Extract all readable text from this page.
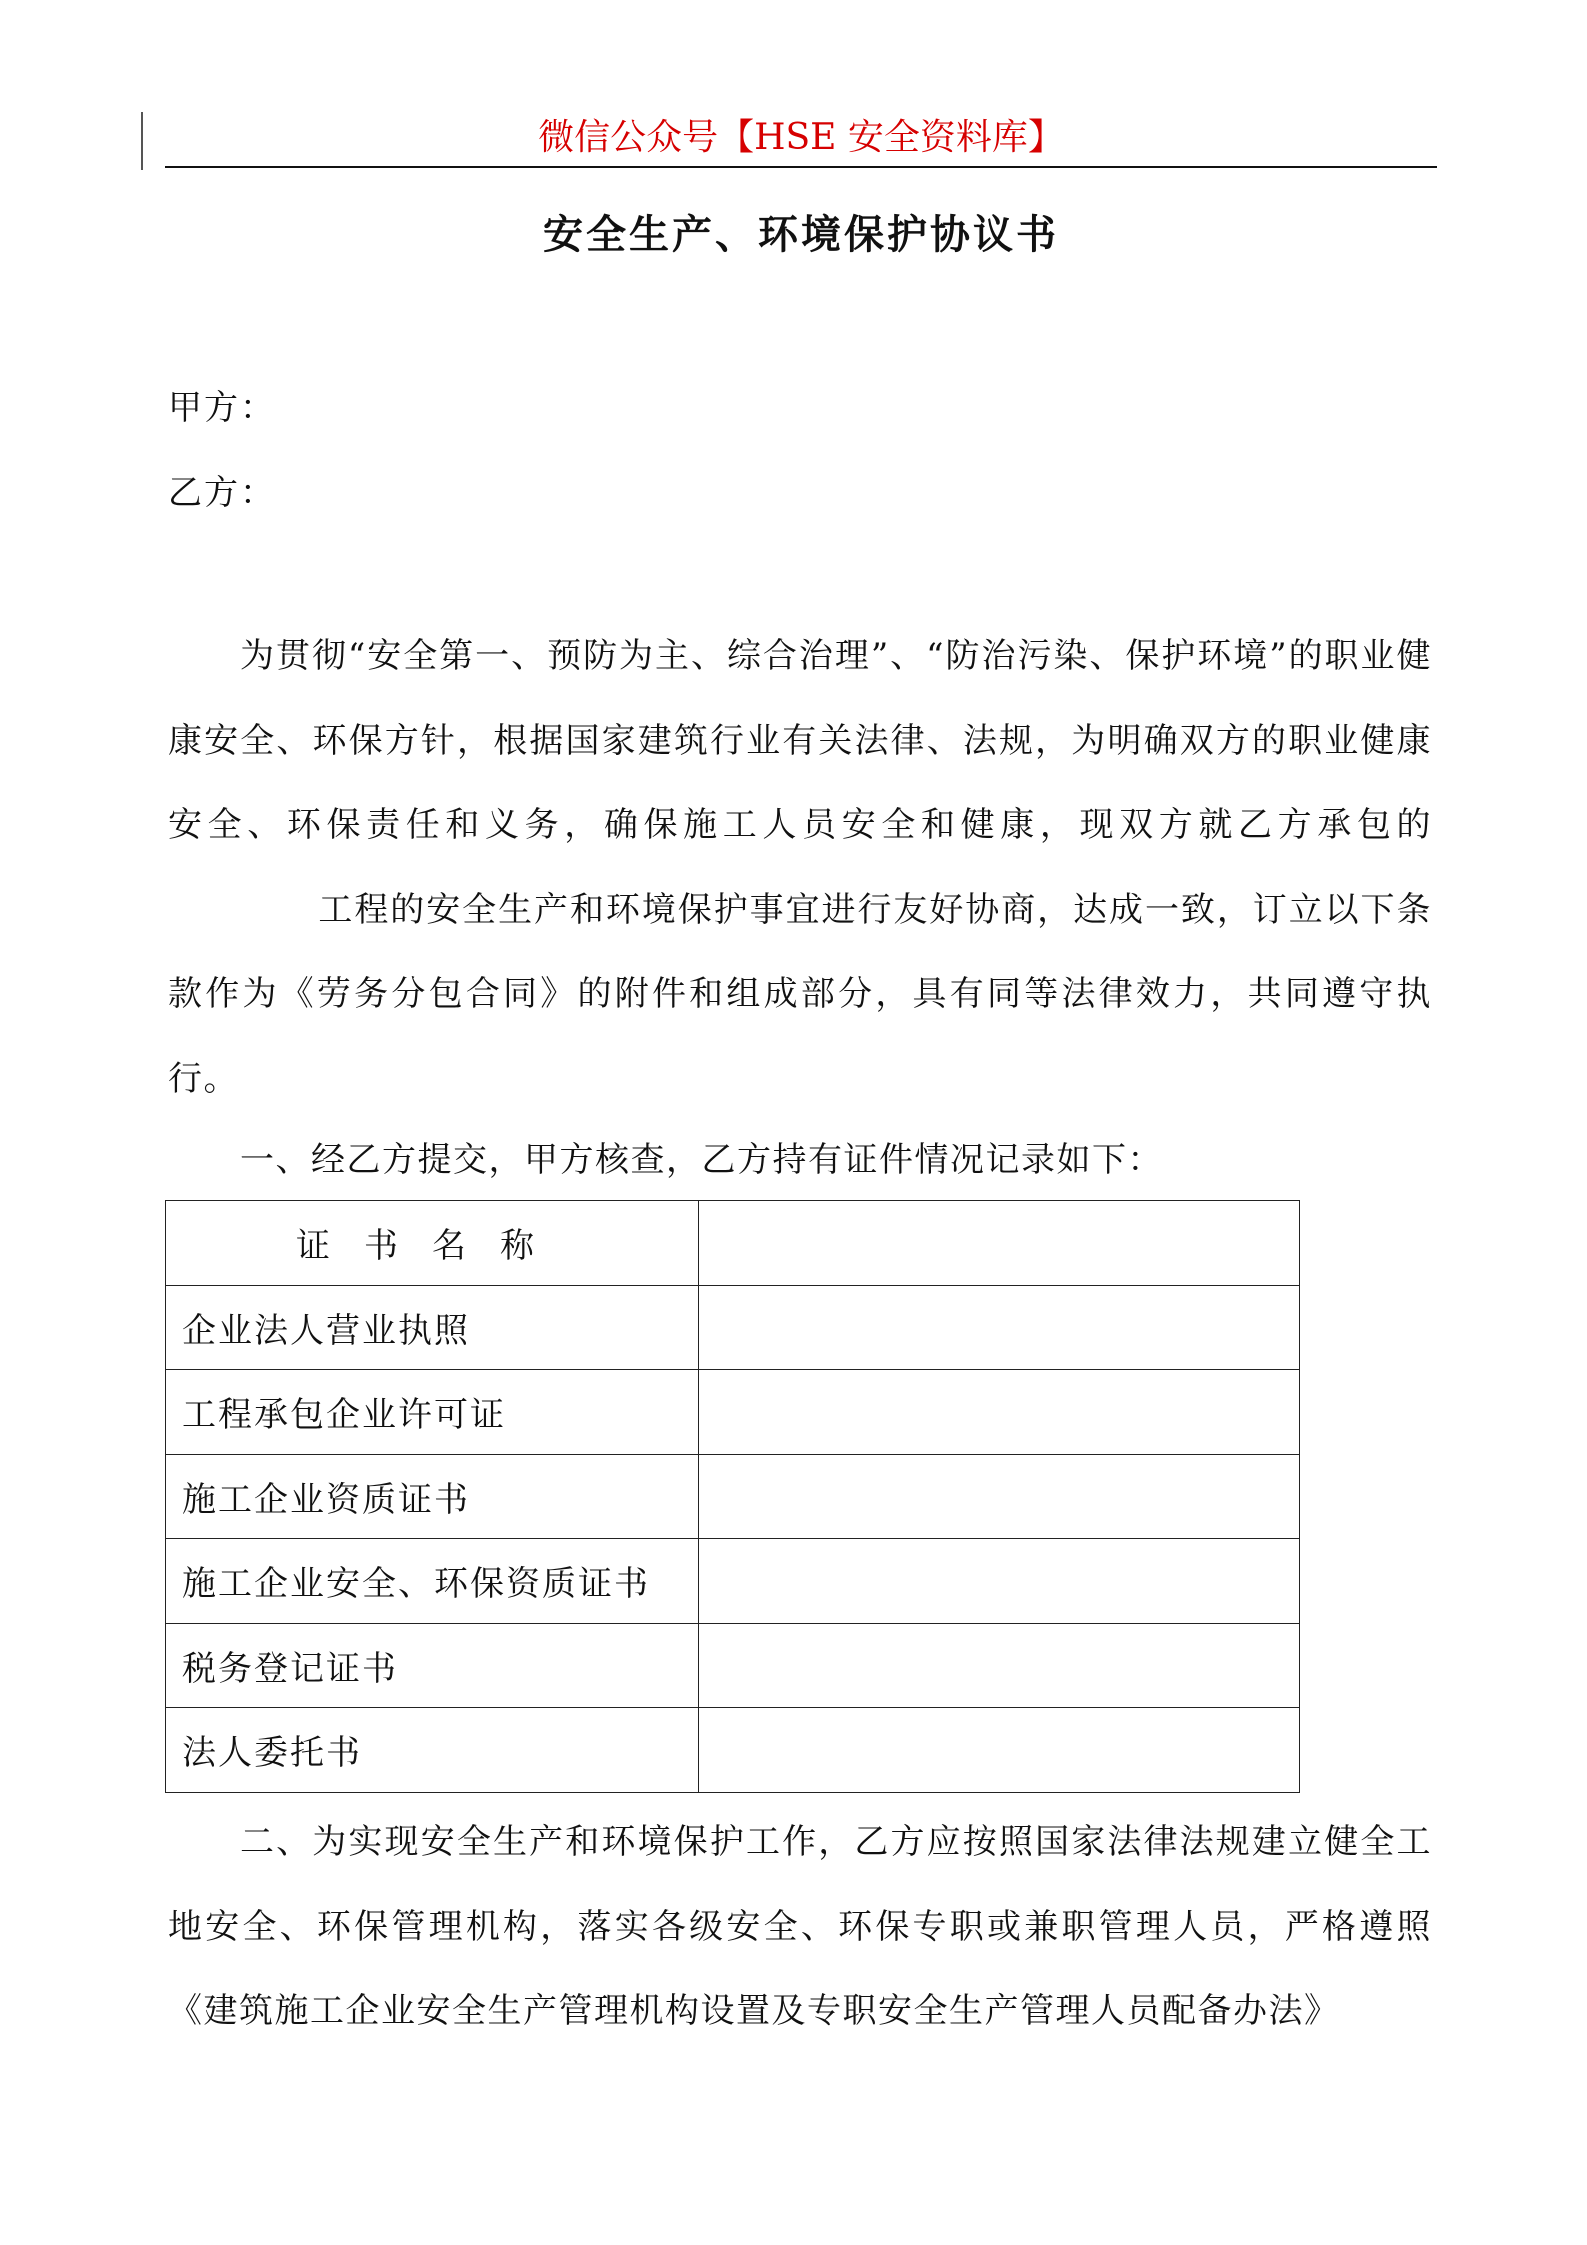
微信公众号【HSE 安全资料库】
安全生产、环境保护协议书
甲方：
乙方：

为贯彻“安全第一、预防为主、综合治理”、“防治污染、保护环境”的职业健康安全、环保方针，根据国家建筑行业有关法律、法规，为明确双方的职业健康安全、环保责任和义务，确保施工人员安全和健康，现双方就乙方承包的工程的安全生产和环境保护事宜进行友好协商，达成一致，订立以下条款作为《劳务分包合同》的附件和组成部分，具有同等法律效力，共同遵守执行。

一、经乙方提交，甲方核查，乙方持有证件情况记录如下：

证书名称	
企业法人营业执照	
工程承包企业许可证	
施工企业资质证书	
施工企业安全、环保资质证书	
税务登记证书	
法人委托书	

二、为实现安全生产和环境保护工作，乙方应按照国家法律法规建立健全工地安全、环保管理机构，落实各级安全、环保专职或兼职管理人员，严格遵照《建筑施工企业安全生产管理机构设置及专职安全生产管理人员配备办法》
